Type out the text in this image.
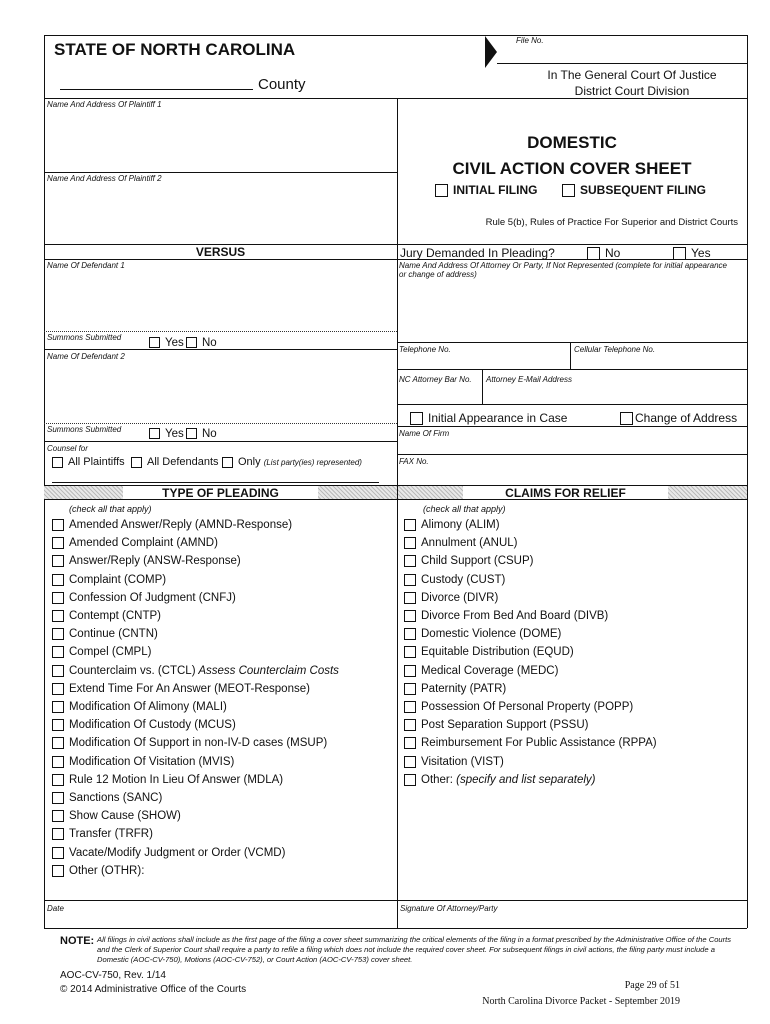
STATE OF NORTH CAROLINA
County
File No.
In The General Court Of Justice
District Court Division
Name And Address Of Plaintiff 1
Name And Address Of Plaintiff 2
VERSUS
Name Of Defendant 1
Summons Submitted	Yes	No
Name Of Defendant 2
Summons Submitted	Yes	No
Counsel for
All Plaintiffs	All Defendants	Only (List party(ies) represented)
DOMESTIC
CIVIL ACTION COVER SHEET
INITIAL FILING	SUBSEQUENT FILING
Rule 5(b), Rules of Practice For Superior and District Courts
Jury Demanded In Pleading?	No	Yes
Name And Address Of Attorney Or Party, If Not Represented (complete for initial appearance or change of address)
Telephone No.	Cellular Telephone No.
NC Attorney Bar No. Attorney E-Mail Address
Initial Appearance in Case	Change of Address
Name Of Firm
FAX No.
TYPE OF PLEADING	CLAIMS FOR RELIEF
(check all that apply)	(check all that apply)
Amended Answer/Reply (AMND-Response)
Amended Complaint (AMND)
Answer/Reply (ANSW-Response)
Complaint (COMP)
Confession Of Judgment (CNFJ)
Contempt (CNTP)
Continue (CNTN)
Compel (CMPL)
Counterclaim vs. (CTCL) Assess Counterclaim Costs
Extend Time For An Answer (MEOT-Response)
Modification Of Alimony (MALI)
Modification Of Custody (MCUS)
Modification Of Support in non-IV-D cases (MSUP)
Modification Of Visitation (MVIS)
Rule 12 Motion In Lieu Of Answer (MDLA)
Sanctions (SANC)
Show Cause (SHOW)
Transfer (TRFR)
Vacate/Modify Judgment or Order (VCMD)
Other (OTHR):
Alimony (ALIM)
Annulment (ANUL)
Child Support (CSUP)
Custody (CUST)
Divorce (DIVR)
Divorce From Bed And Board (DIVB)
Domestic Violence (DOME)
Equitable Distribution (EQUD)
Medical Coverage (MEDC)
Paternity (PATR)
Possession Of Personal Property (POPP)
Post Separation Support (PSSU)
Reimbursement For Public Assistance (RPPA)
Visitation (VIST)
Other: (specify and list separately)
Date	Signature Of Attorney/Party
NOTE: All filings in civil actions shall include as the first page of the filing a cover sheet summarizing the critical elements of the filing in a format prescribed by the Administrative Office of the Courts and the Clerk of Superior Court shall require a party to refile a filing which does not include the required cover sheet. For subsequent filings in civil actions, the filing party must include a Domestic (AOC-CV-750), Motions (AOC-CV-752), or Court Action (AOC-CV-753) cover sheet.
AOC-CV-750, Rev. 1/14
© 2014 Administrative Office of the Courts	Page 29 of 51
North Carolina Divorce Packet - September 2019
